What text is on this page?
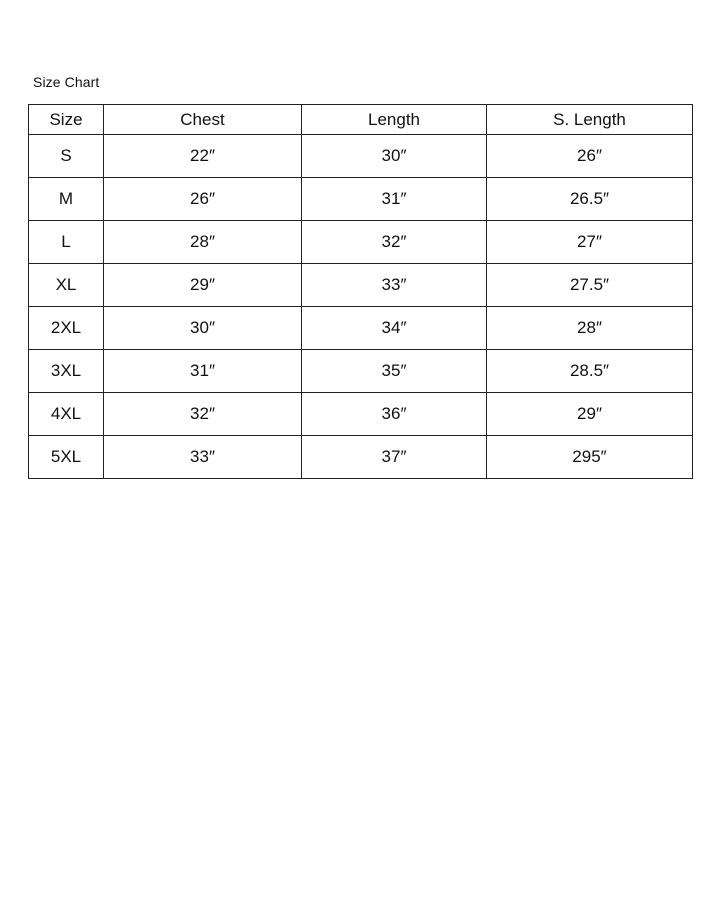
Size Chart
Size	Chest	Length	S. Length
S	22″	30″	26″
M	26″	31″	26.5″
L	28″	32″	27″
XL	29″	33″	27.5″
2XL	30″	34″	28″
3XL	31″	35″	28.5″
4XL	32″	36″	29″
5XL	33″	37″	295″
